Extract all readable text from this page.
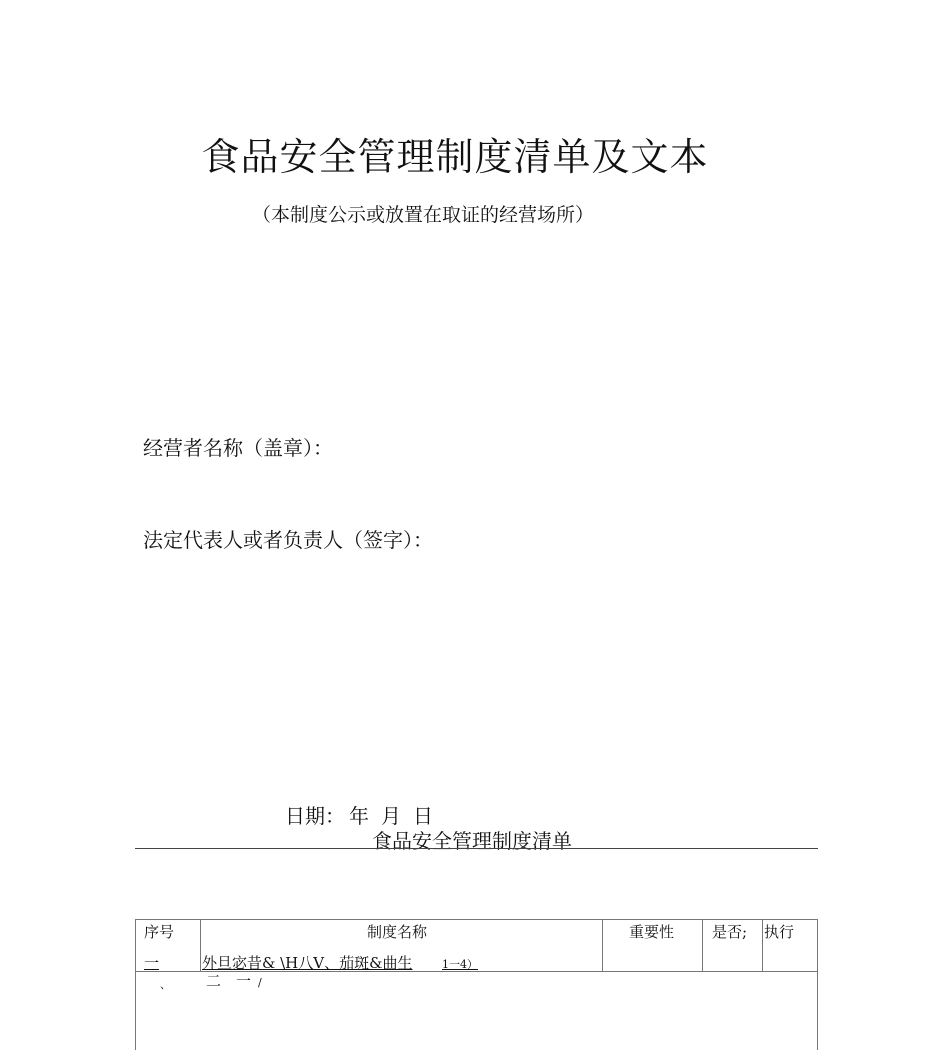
食品安全管理制度清单及文本
（本制度公示或放置在取证的经营场所）
经营者名称（盖章）：
法定代表人或者负责人（签字）：
日期： 年 月 日
食品安全管理制度清单
序号	制度名称	重要性	是否; 执行
一	外旦宓昔& \H八V、茄斑&曲生	1一4）
、 二 一 /
